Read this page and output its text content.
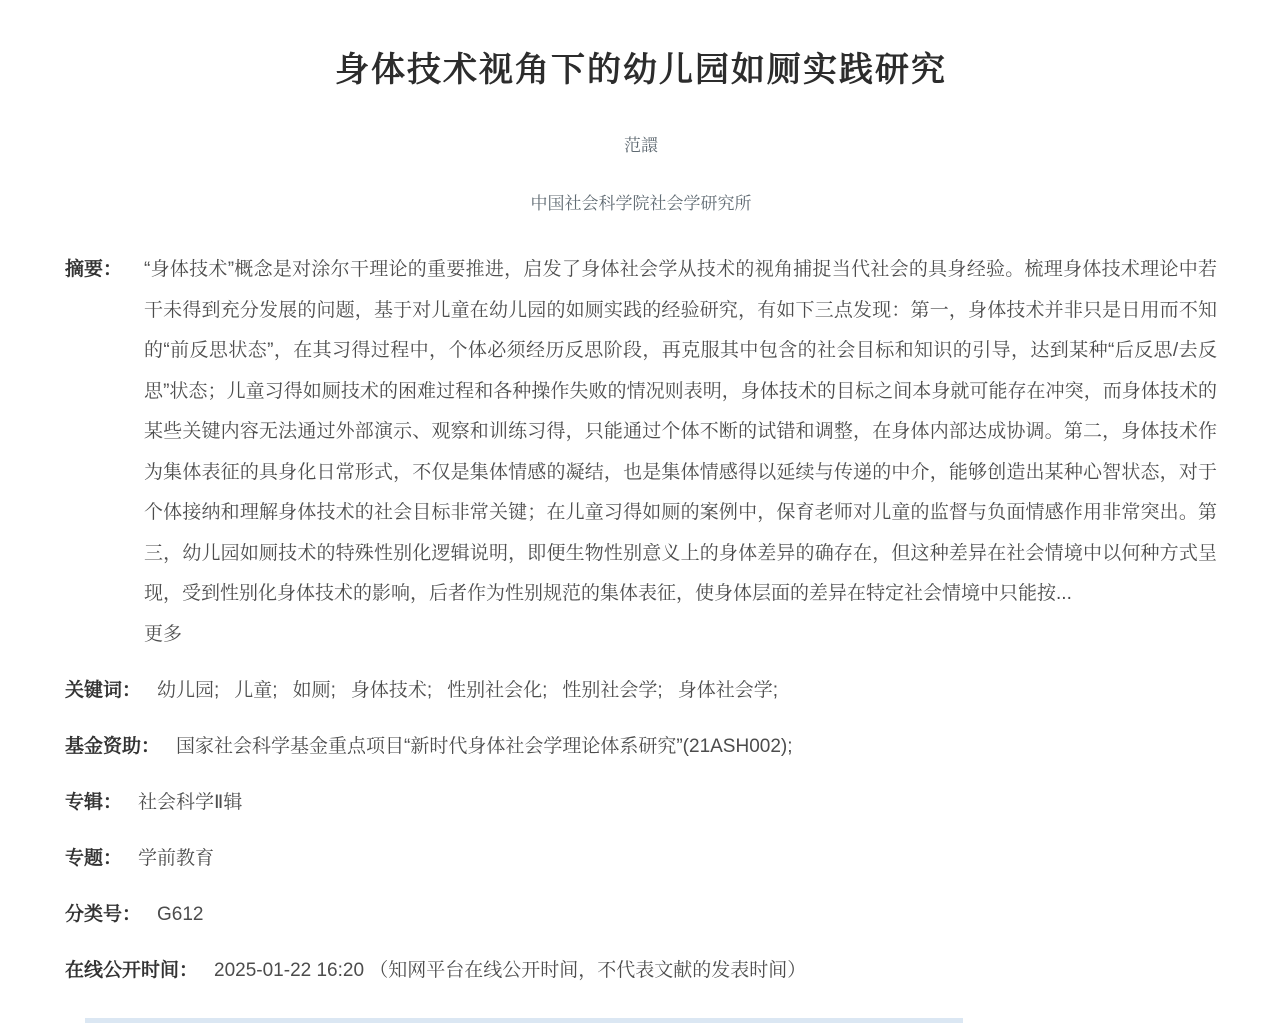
身体技术视角下的幼儿园如厕实践研究
范譞
中国社会科学院社会学研究所
摘要： “身体技术”概念是对涂尔干理论的重要推进，启发了身体社会学从技术的视角捕捉当代社会的具身经验。梳理身体技术理论中若干未得到充分发展的问题，基于对儿童在幼儿园的如厕实践的经验研究，有如下三点发现：第一，身体技术并非只是日用而不知的“前反思状态”，在其习得过程中，个体必须经历反思阶段，再克服其中包含的社会目标和知识的引导，达到某种“后反思/去反思”状态；儿童习得如厕技术的困难过程和各种操作失败的情况则表明，身体技术的目标之间本身就可能存在冲突，而身体技术的某些关键内容无法通过外部演示、观察和训练习得，只能通过个体不断的试错和调整，在身体内部达成协调。第二，身体技术作为集体表征的具身化日常形式，不仅是集体情感的凝结，也是集体情感得以延续与传递的中介，能够创造出某种心智状态，对于个体接纳和理解身体技术的社会目标非常关键；在儿童习得如厕的案例中，保育老师对儿童的监督与负面情感作用非常突出。第三，幼儿园如厕技术的特殊性别化逻辑说明，即便生物性别意义上的身体差异的确存在，但这种差异在社会情境中以何种方式呈现，受到性别化身体技术的影响，后者作为性别规范的集体表征，使身体层面的差异在特定社会情境中只能按...
更多
关键词： 幼儿园; 儿童; 如厕; 身体技术; 性别社会化; 性别社会学; 身体社会学;
基金资助： 国家社会科学基金重点项目“新时代身体社会学理论体系研究”(21ASH002);
专辑： 社会科学Ⅱ辑
专题： 学前教育
分类号： G612
在线公开时间： 2025-01-22 16:20 （知网平台在线公开时间，不代表文献的发表时间）
